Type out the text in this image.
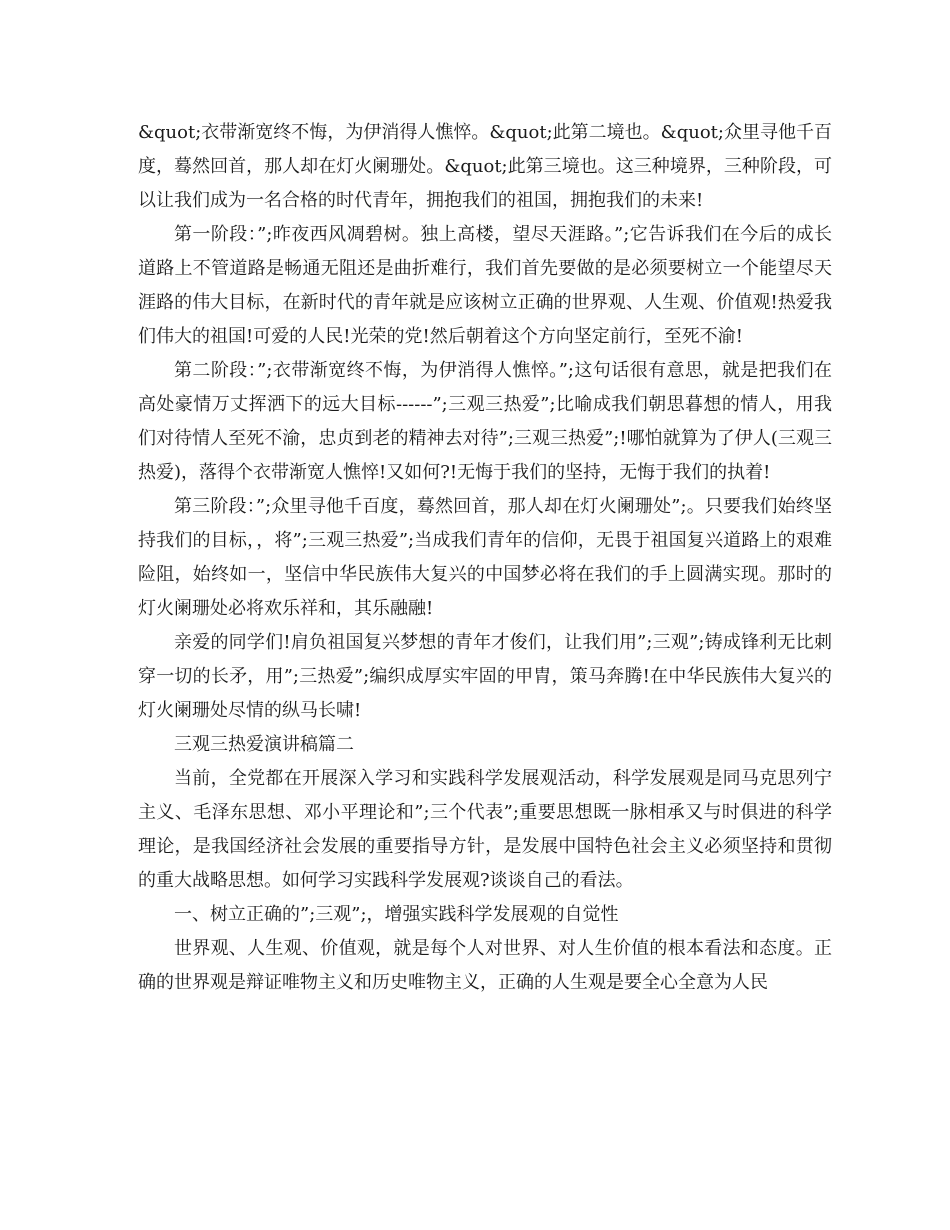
&quot;衣带渐宽终不悔，为伊消得人憔悴。&quot;此第二境也。&quot;众里寻他千百度，蓦然回首，那人却在灯火阑珊处。&quot;此第三境也。这三种境界，三种阶段，可以让我们成为一名合格的时代青年，拥抱我们的祖国，拥抱我们的未来!

第一阶段：”;昨夜西风凋碧树。独上高楼，望尽天涯路。”;它告诉我们在今后的成长道路上不管道路是畅通无阻还是曲折难行，我们首先要做的是必须要树立一个能望尽天涯路的伟大目标，在新时代的青年就是应该树立正确的世界观、人生观、价值观!热爱我们伟大的祖国!可爱的人民!光荣的党!然后朝着这个方向坚定前行，至死不渝!

第二阶段：”;衣带渐宽终不悔，为伊消得人憔悴。”;这句话很有意思，就是把我们在高处豪情万丈挥洒下的远大目标------”;三观三热爱”;比喻成我们朝思暮想的情人，用我们对待情人至死不渝，忠贞到老的精神去对待”;三观三热爱”;!哪怕就算为了伊人(三观三热爱)，落得个衣带渐宽人憔悴!又如何?!无悔于我们的坚持，无悔于我们的执着!

第三阶段：”;众里寻他千百度，蓦然回首，那人却在灯火阑珊处”;。只要我们始终坚持我们的目标，，将”;三观三热爱”;当成我们青年的信仰，无畏于祖国复兴道路上的艰难险阻，始终如一，坚信中华民族伟大复兴的中国梦必将在我们的手上圆满实现。那时的灯火阑珊处必将欢乐祥和，其乐融融!

亲爱的同学们!肩负祖国复兴梦想的青年才俊们，让我们用”;三观”;铸成锋利无比刺穿一切的长矛，用”;三热爱”;编织成厚实牢固的甲胄，策马奔腾!在中华民族伟大复兴的灯火阑珊处尽情的纵马长啸!

三观三热爱演讲稿篇二

当前，全党都在开展深入学习和实践科学发展观活动，科学发展观是同马克思列宁主义、毛泽东思想、邓小平理论和”;三个代表”;重要思想既一脉相承又与时俱进的科学理论，是我国经济社会发展的重要指导方针，是发展中国特色社会主义必须坚持和贯彻的重大战略思想。如何学习实践科学发展观?谈谈自己的看法。

一、树立正确的”;三观”;，增强实践科学发展观的自觉性

世界观、人生观、价值观，就是每个人对世界、对人生价值的根本看法和态度。正确的世界观是辩证唯物主义和历史唯物主义，正确的人生观是要全心全意为人民
